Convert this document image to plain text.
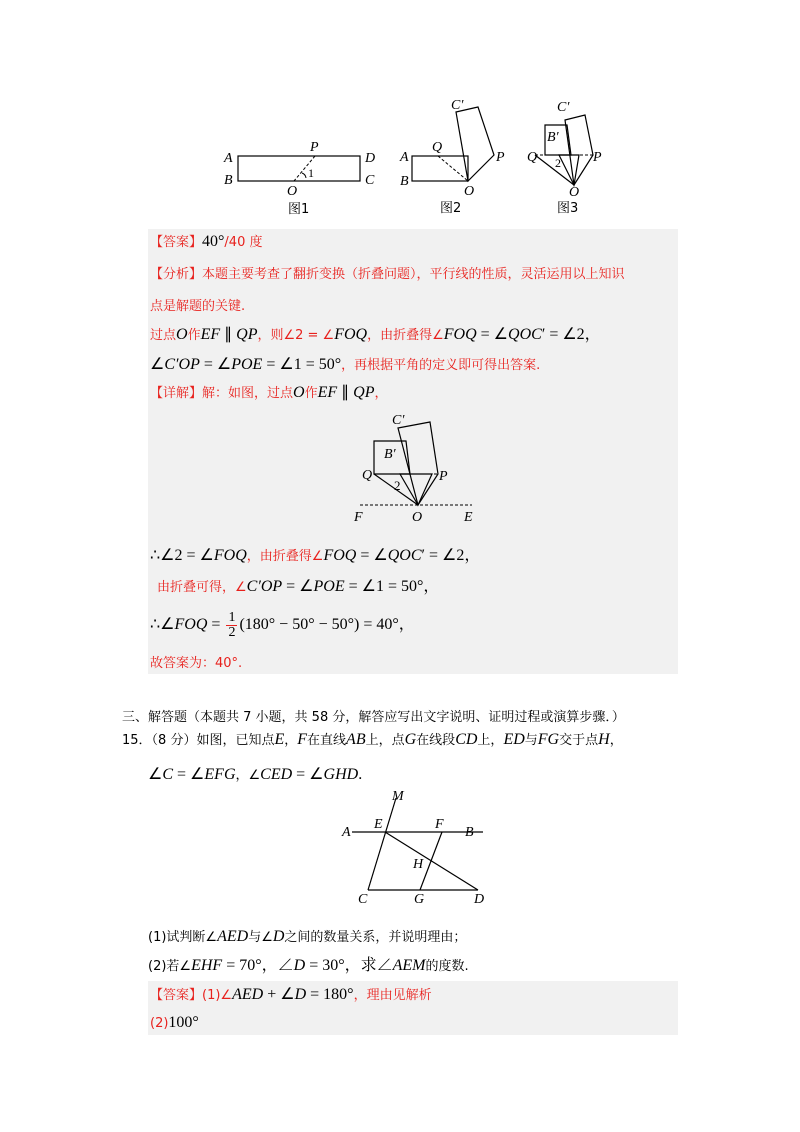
A
B
D
C
P
O
1
图1
A
B
Q
P
O
C′
图2
C′
B′
Q	P
O
2
图3
【答案】40°/40 度
【分析】本题主要考查了翻折变换（折叠问题），平行线的性质，灵活运用以上知识
点是解题的关键.
过点O作EF ∥ QP，则∠2 = ∠FOQ，由折叠得∠FOQ = ∠QOC′ = ∠2，
∠C′OP = ∠POE = ∠1 = 50°，再根据平角的定义即可得出答案.
【详解】解：如图，过点O作EF ∥ QP，
C′
B′
Q	P
O
F	E
2
∴∠2 = ∠FOQ，由折叠得∠FOQ = ∠QOC′ = ∠2，
由折叠可得，∠C′OP = ∠POE = ∠1 = 50°，
∴∠FOQ = $\frac{1}{2} (180^\circ - 50^\circ - 50^\circ) = 40^\circ$，
故答案为：40°.
三、解答题（本题共 7 小题，共 58 分，解答应写出文字说明、证明过程或演算步骤．）
15．（8 分）如图，已知点E，F在直线AB上，点G在线段CD上，ED与FG交于点H，
∠C = ∠EFG，∠CED = ∠GHD.
M
A
E	F
B
H
C	G	D
(1)试判断∠AED与∠D之间的数量关系，并说明理由；
(2)若∠EHF = 70°，∠D = 30°，求∠AEM的度数.
【答案】(1)∠AED + ∠D = 180°，理由见解析
(2)100°
